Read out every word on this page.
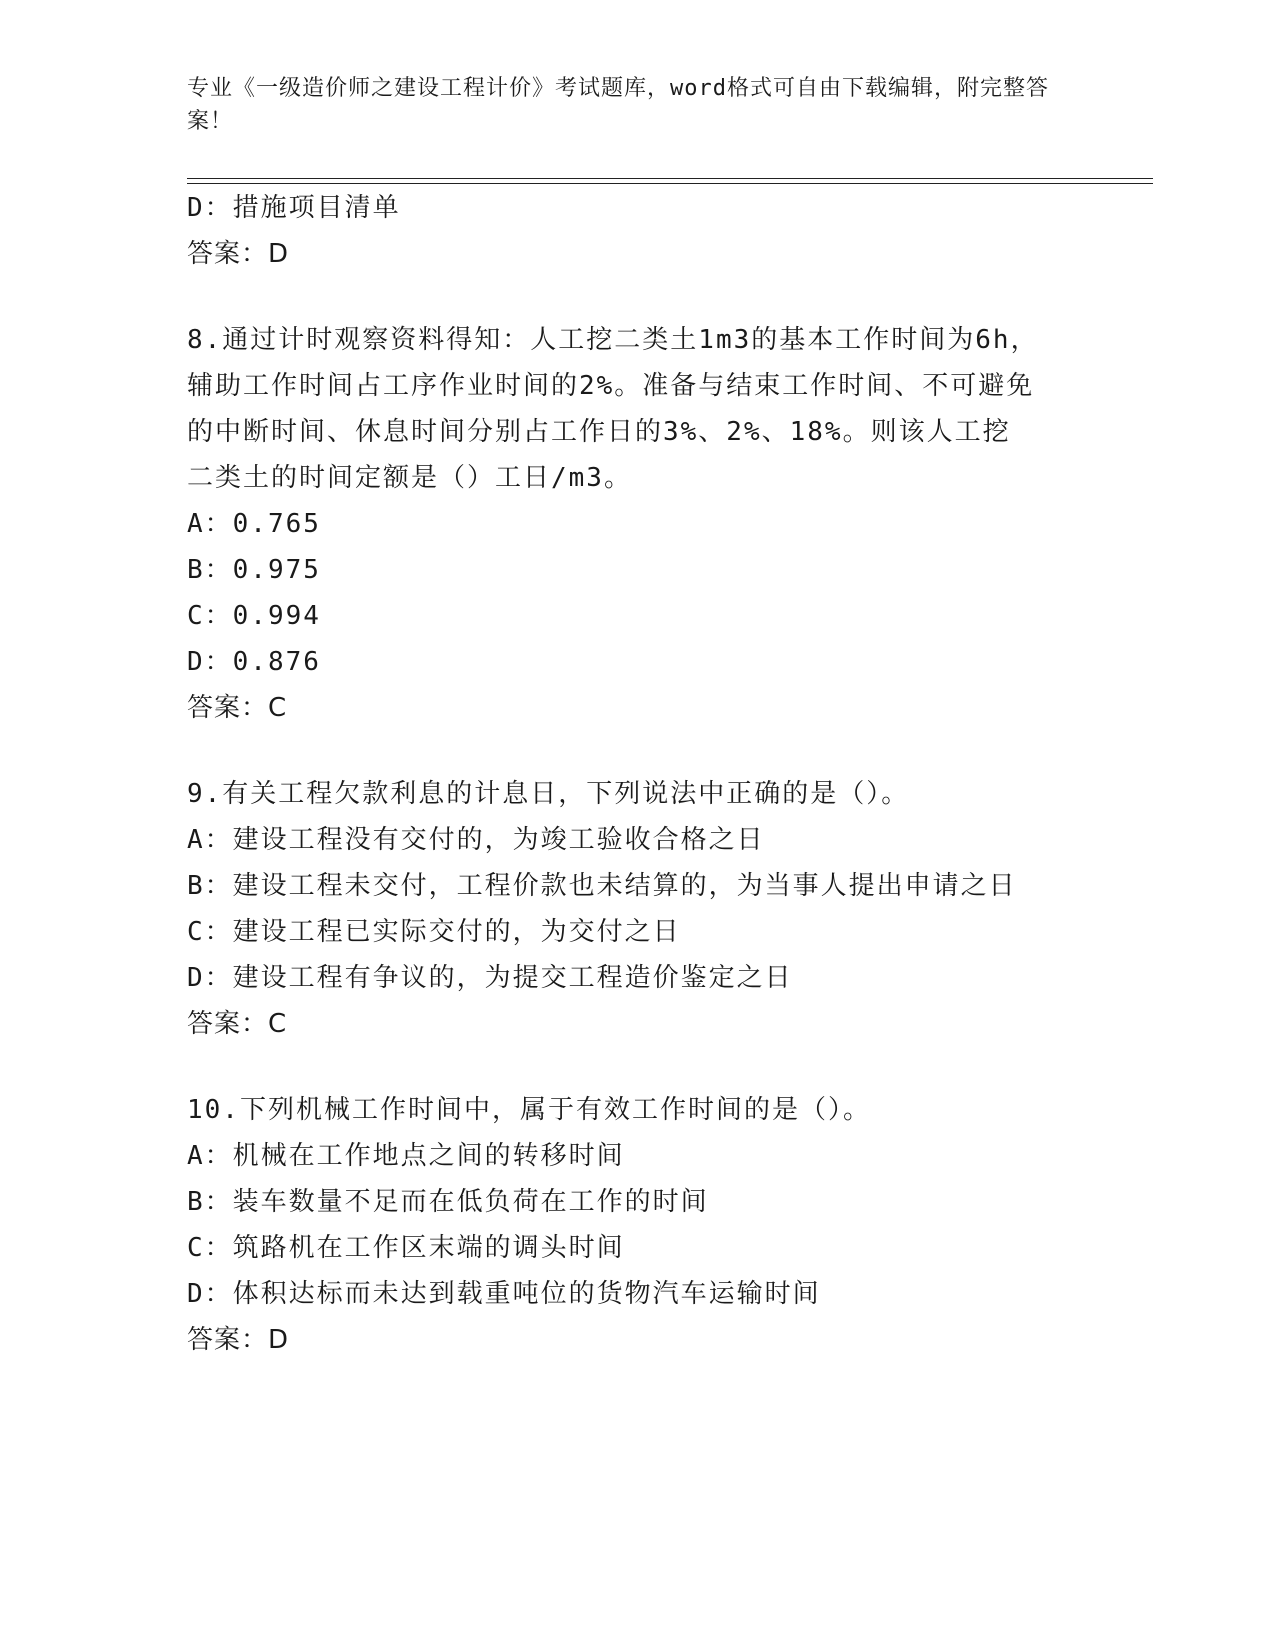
专业《一级造价师之建设工程计价》考试题库，word格式可自由下载编辑，附完整答案！
D：措施项目清单
答案：D
8.通过计时观察资料得知：人工挖二类土1m3的基本工作时间为6h，
辅助工作时间占工序作业时间的2%。准备与结束工作时间、不可避免
的中断时间、休息时间分别占工作日的3%、2%、18%。则该人工挖
二类土的时间定额是（）工日/m3。
A：0.765
B：0.975
C：0.994
D：0.876
答案：C
9.有关工程欠款利息的计息日，下列说法中正确的是（）。
A：建设工程没有交付的，为竣工验收合格之日
B：建设工程未交付，工程价款也未结算的，为当事人提出申请之日
C：建设工程已实际交付的，为交付之日
D：建设工程有争议的，为提交工程造价鉴定之日
答案：C
10.下列机械工作时间中，属于有效工作时间的是（）。
A：机械在工作地点之间的转移时间
B：装车数量不足而在低负荷在工作的时间
C：筑路机在工作区末端的调头时间
D：体积达标而未达到载重吨位的货物汽车运输时间
答案：D
